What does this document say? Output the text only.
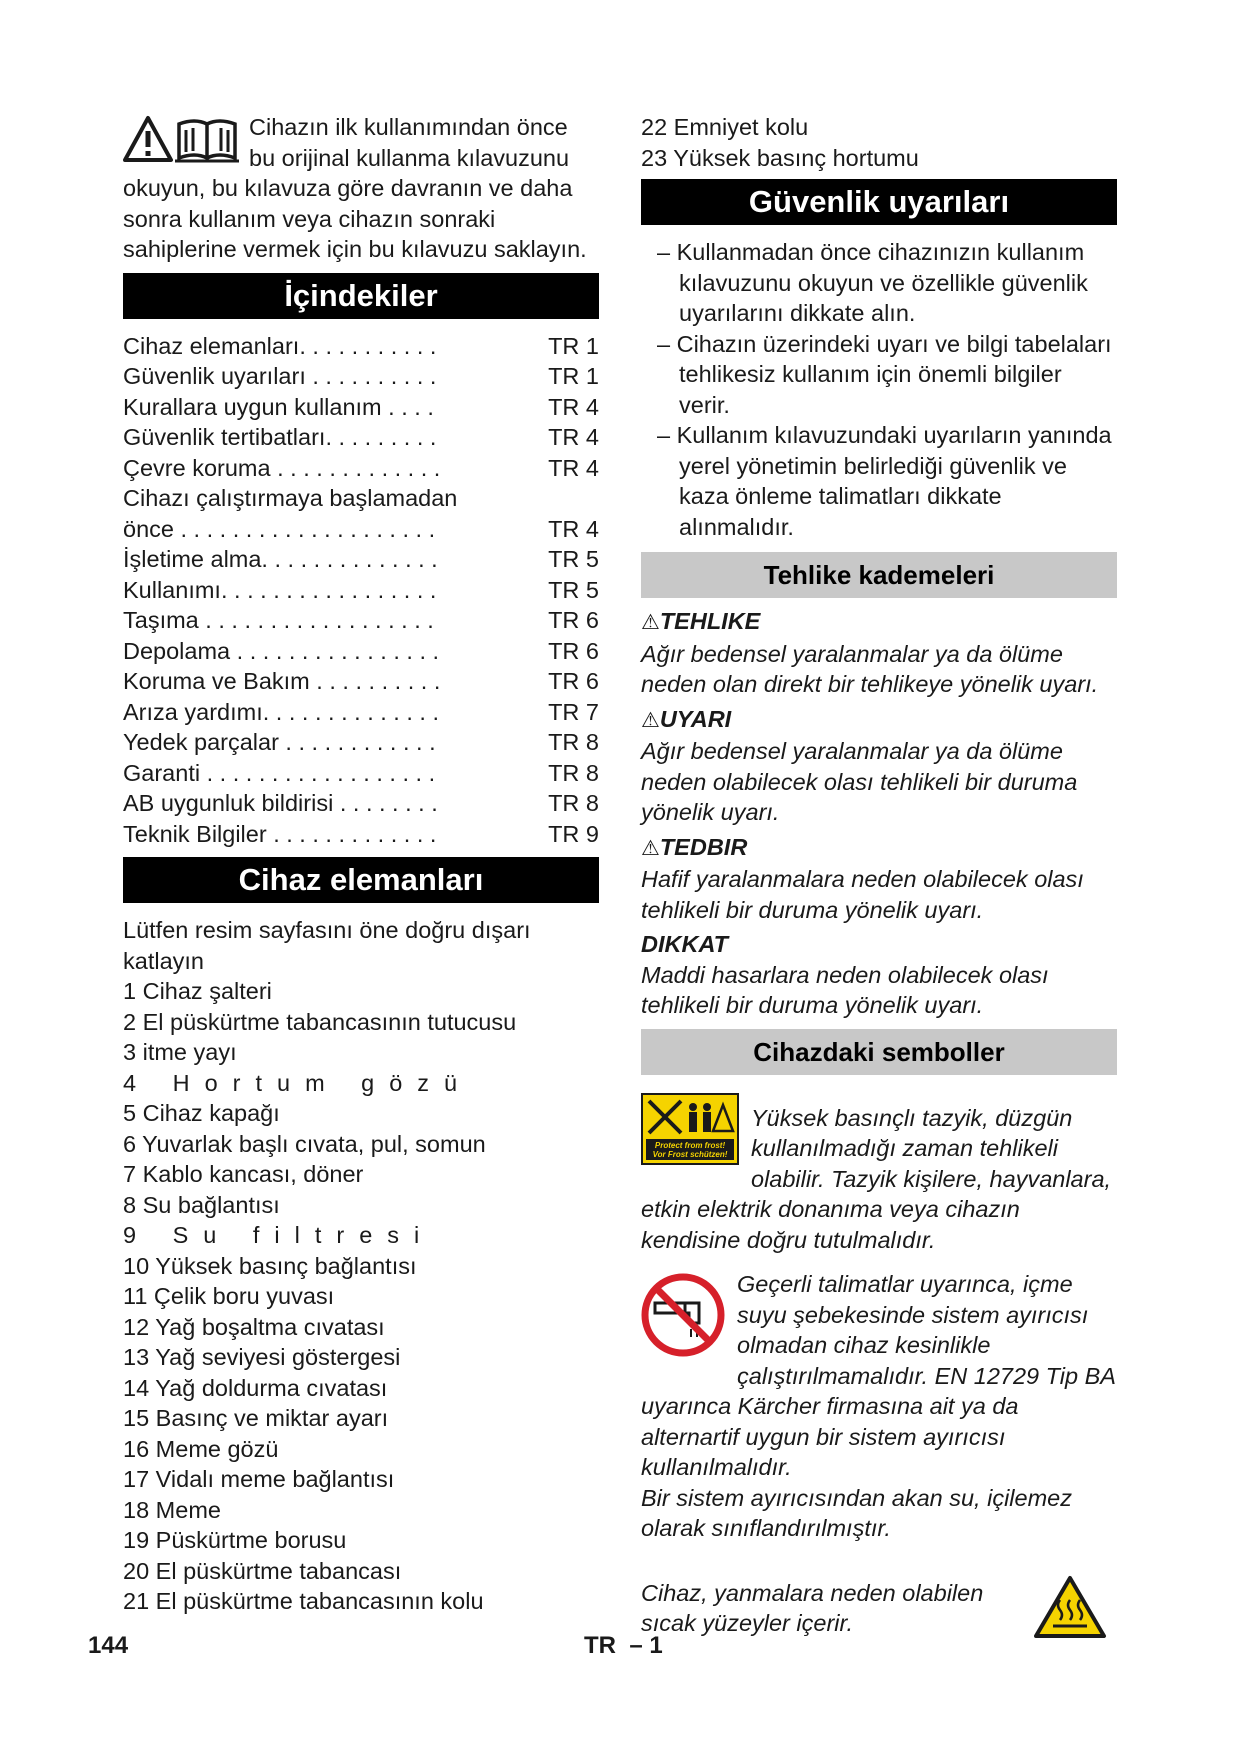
Cihazın ilk kullanımından önce bu orijinal kullanma kılavuzunu okuyun, bu kılavuza göre davranın ve daha sonra kullanım veya cihazın sonraki sahiplerine vermek için bu kılavuzu saklayın.

İçindekiler
Cihaz elemanları. . . . . . . . . . .	TR 1
Güvenlik uyarıları . . . . . . . . . .	TR 1
Kurallara uygun kullanım . . . .	TR 4
Güvenlik tertibatları. . . . . . . . .	TR 4
Çevre koruma . . . . . . . . . . . . .	TR 4
Cihazı çalıştırmaya başlamadan
önce . . . . . . . . . . . . . . . . . . . .	TR 4
İşletime alma. . . . . . . . . . . . . .	TR 5
Kullanımı. . . . . . . . . . . . . . . . .	TR 5
Taşıma . . . . . . . . . . . . . . . . . .	TR 6
Depolama . . . . . . . . . . . . . . . .	TR 6
Koruma ve Bakım . . . . . . . . . .	TR 6
Arıza yardımı. . . . . . . . . . . . . .	TR 7
Yedek parçalar . . . . . . . . . . . .	TR 8
Garanti . . . . . . . . . . . . . . . . . .	TR 8
AB uygunluk bildirisi . . . . . . . .	TR 8
Teknik Bilgiler . . . . . . . . . . . . .	TR 9
Cihaz elemanları

Lütfen resim sayfasını öne doğru dışarı katlayın

1 Cihaz şalteri
2 El püskürtme tabancasının tutucusu
3 itme yayı
4 Hortum gözü
5 Cihaz kapağı
6 Yuvarlak başlı cıvata, pul, somun
7 Kablo kancası, döner
8 Su bağlantısı
9 Su filtresi
10 Yüksek basınç bağlantısı
11 Çelik boru yuvası
12 Yağ boşaltma cıvatası
13 Yağ seviyesi göstergesi
14 Yağ doldurma cıvatası
15 Basınç ve miktar ayarı
16 Meme gözü
17 Vidalı meme bağlantısı
18 Meme
19 Püskürtme borusu
20 El püskürtme tabancası
21 El püskürtme tabancasının kolu
22 Emniyet kolu
23 Yüksek basınç hortumu
Güvenlik uyarıları

– Kullanmadan önce cihazınızın kullanım kılavuzunu okuyun ve özellikle güvenlik uyarılarını dikkate alın.

– Cihazın üzerindeki uyarı ve bilgi tabelaları tehlikesiz kullanım için önemli bilgiler verir.

– Kullanım kılavuzundaki uyarıların yanında yerel yönetimin belirlediği güvenlik ve kaza önleme talimatları dikkate alınmalıdır.

Tehlike kademeleri
⚠TEHLIKE

Ağır bedensel yaralanmalar ya da ölüme neden olan direkt bir tehlikeye yönelik uyarı.

⚠UYARI

Ağır bedensel yaralanmalar ya da ölüme neden olabilecek olası tehlikeli bir duruma yönelik uyarı.

⚠TEDBIR

Hafif yaralanmalara neden olabilecek olası tehlikeli bir duruma yönelik uyarı.

DIKKAT

Maddi hasarlara neden olabilecek olası tehlikeli bir duruma yönelik uyarı.

Cihazdaki semboller
Protect from frost!
Vor Frost schützen!

Yüksek basınçlı tazyik, düzgün kullanılmadığı zaman tehlikeli olabilir. Tazyik kişilere, hayvanlara, etkin elektrik donanıma veya cihazın kendisine doğru tutulmalıdır.

Geçerli talimatlar uyarınca, içme suyu şebekesinde sistem ayırıcısı olmadan cihaz kesinlikle çalıştırılmamalıdır. EN 12729 Tip BA uyarınca Kärcher firmasına ait ya da alternartif uygun bir sistem ayırıcısı kullanılmalıdır.

Bir sistem ayırıcısından akan su, içilemez olarak sınıflandırılmıştır.

Cihaz, yanmalara neden olabilen sıcak yüzeyler içerir.

144	TR  – 1
